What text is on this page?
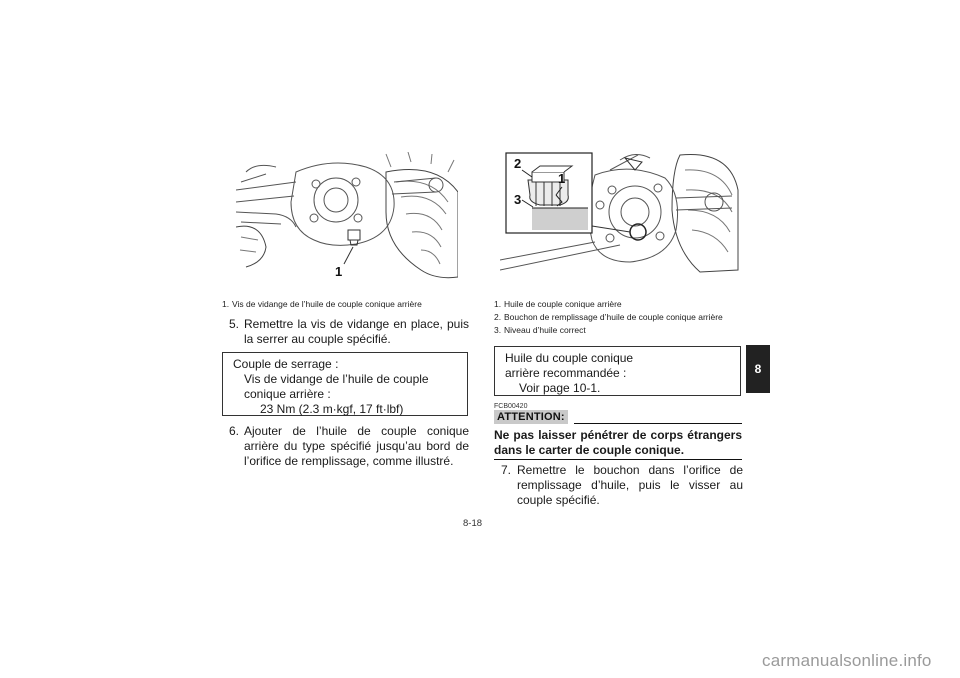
1
1. Vis de vidange de l’huile de couple conique arrière
5. Remettre la vis de vidange en place, puis la serrer au couple spécifié.
Couple de serrage :
Vis de vidange de l’huile de couple conique arrière :
23 Nm (2.3 m·kgf, 17 ft·lbf)
6. Ajouter de l’huile de couple conique arrière du type spécifié jusqu’au bord de l’orifice de remplissage, comme illustré.
2
1
3
1. Huile de couple conique arrière
2. Bouchon de remplissage d’huile de couple conique arrière
3. Niveau d’huile correct
Huile du couple conique arrière recommandée :
Voir page 10-1.
FCB00420
ATTENTION:
Ne pas laisser pénétrer de corps étrangers dans le carter de couple conique.
7. Remettre le bouchon dans l’orifice de remplissage d’huile, puis le visser au couple spécifié.
8
8-18
carmanualsonline.info
